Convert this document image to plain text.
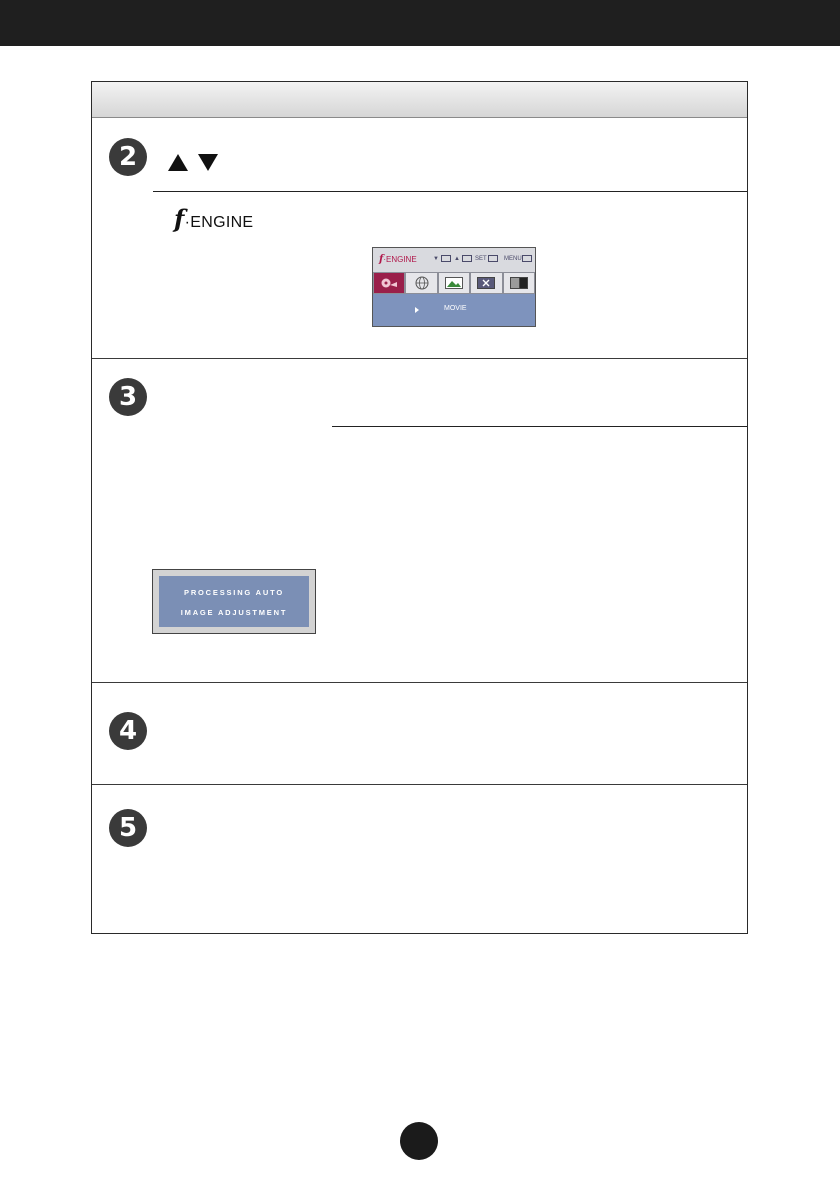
2
f·ENGINE
3
4
5
f·ENGINE	▼	▲	SET	MENU
MOVIE
PROCESSING AUTO
IMAGE ADJUSTMENT
